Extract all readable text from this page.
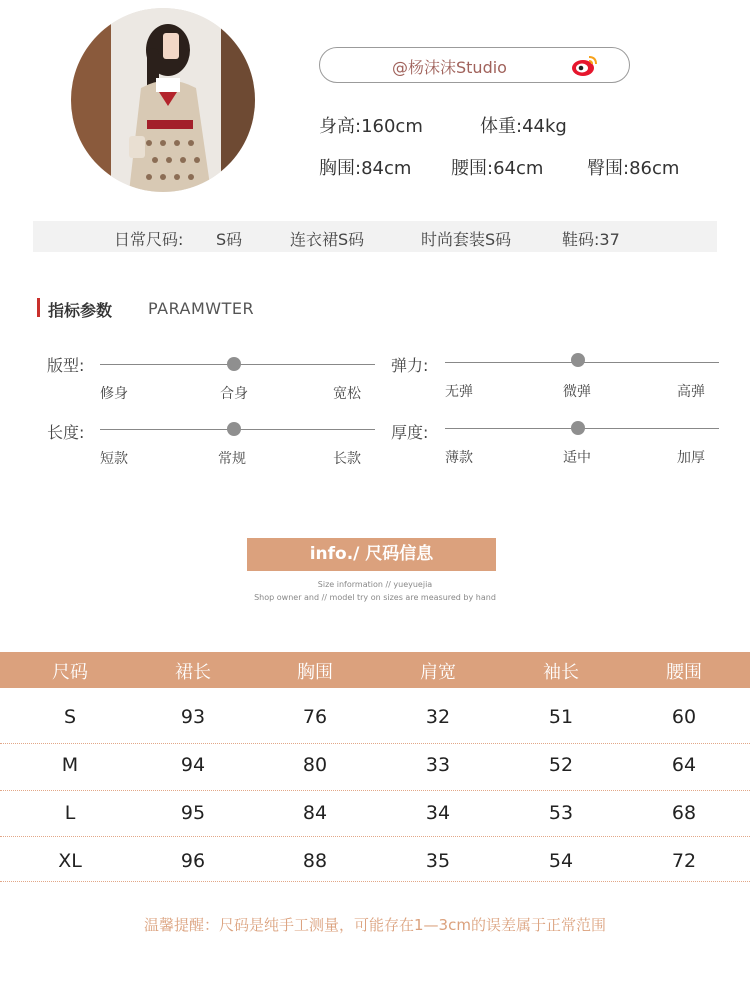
@杨沫沫Studio
身高:160cm	体重:44kg
胸围:84cm 腰围:64cm 臀围:86cm
日常尺码: S码	连衣裙S码	时尚套装S码	鞋码:37
指标参数 PARAMWTER
版型:
修身	合身	宽松
弹力:
无弹	微弹	高弹
长度:
短款	常规	长款
厚度:
薄款	适中	加厚
info./ 尺码信息
Size information // yueyuejia
Shop owner and // model try on sizes are measured by hand
尺码	裙长	胸围	肩宽	袖长	腰围
S	93	76	32	51	60
M	94	80	33	52	64
L	95	84	34	53	68
XL	96	88	35	54	72
温馨提醒：尺码是纯手工测量，可能存在1—3cm的误差属于正常范围
